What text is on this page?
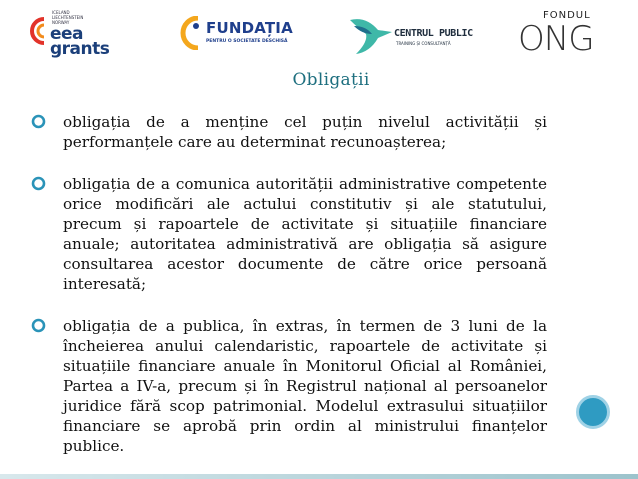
ICELAND
LIECHTENSTEIN
NORWAY
eea
grants
FUNDAȚIA
PENTRU O SOCIETATE DESCHISĂ
CENTRUL PUBLIC
TRAINING ȘI CONSULTANȚĂ
FONDUL
ONG
Obligații
obligația de a menține cel puțin nivelul activității și performanțele care au determinat recunoașterea;
obligația de a comunica autorității administrative competente orice modificări ale actului constitutiv și ale statutului, precum și rapoartele de activitate și situațiile financiare anuale; autoritatea administrativă are obligația să asigure consultarea acestor documente de către orice persoană interesată;
obligația de a publica, în extras, în termen de 3 luni de la încheierea anului calendaristic, rapoartele de activitate și situațiile financiare anuale în Monitorul Oficial al României, Partea a IV-a, precum și în Registrul național al persoanelor juridice fără scop patrimonial. Modelul extrasului situațiilor financiare se aprobă prin ordin al ministrului finanțelor publice.
